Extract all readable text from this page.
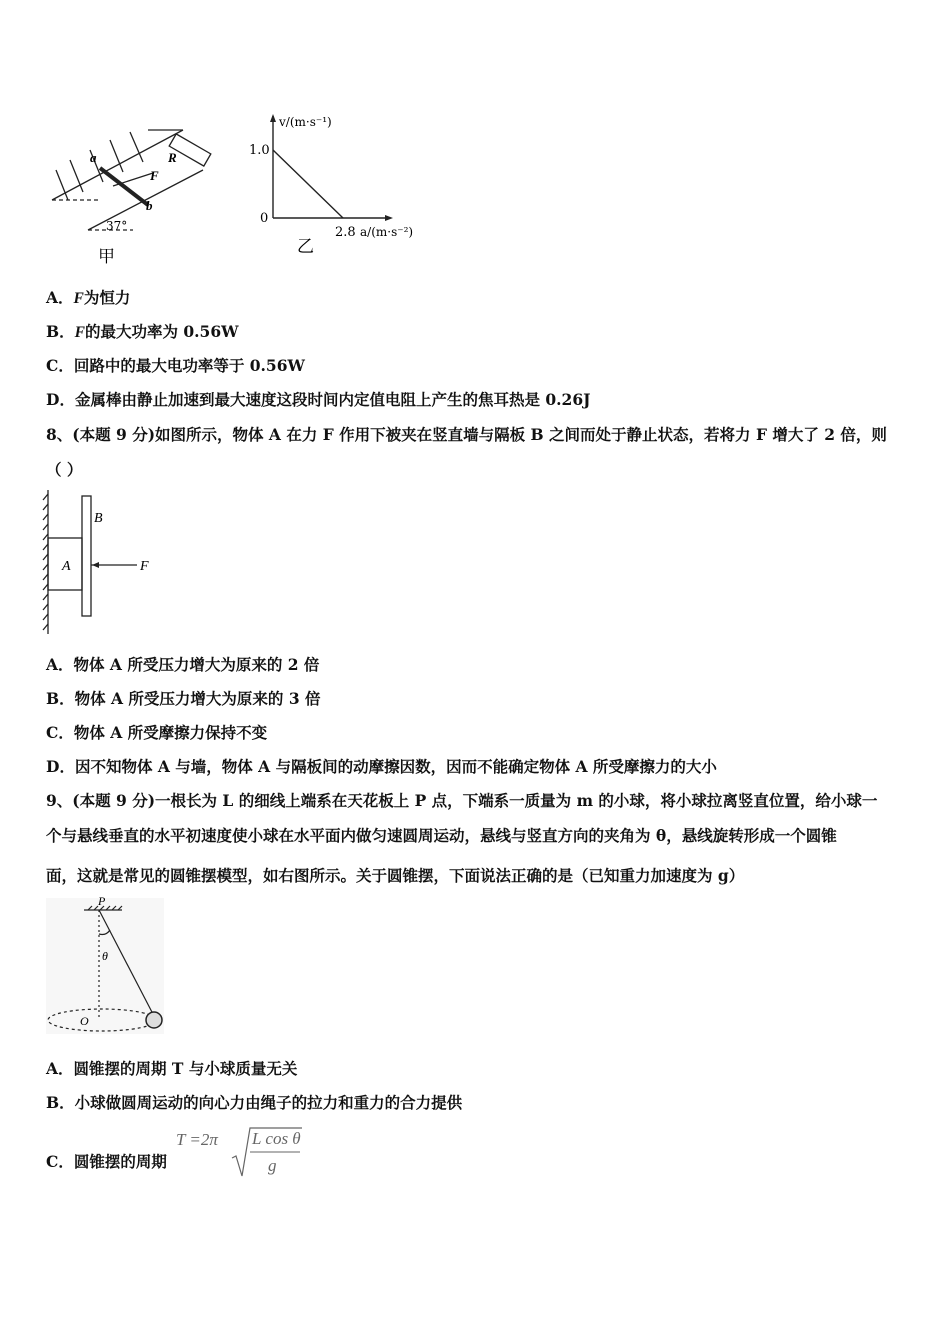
a
b
R
F
37°
甲
v/(m·s⁻¹)
1.0
0
2.8 a/(m·s⁻²)
乙
A．F为恒力
B．F的最大功率为 0.56W
C．回路中的最大电功率等于 0.56W
D．金属棒由静止加速到最大速度这段时间内定值电阻上产生的焦耳热是 0.26J
8、(本题 9 分)如图所示，物体 A 在力 F 作用下被夹在竖直墙与隔板 B 之间而处于静止状态，若将力 F 增大了 2 倍，则
（ ）
B
A	F
A．物体 A 所受压力增大为原来的 2 倍
B．物体 A 所受压力增大为原来的 3 倍
C．物体 A 所受摩擦力保持不变
D．因不知物体 A 与墙，物体 A 与隔板间的动摩擦因数，因而不能确定物体 A 所受摩擦力的大小
9、(本题 9 分)一根长为 L 的细线上端系在天花板上 P 点，下端系一质量为 m 的小球，将小球拉离竖直位置，给小球一
个与悬线垂直的水平初速度使小球在水平面内做匀速圆周运动，悬线与竖直方向的夹角为 θ，悬线旋转形成一个圆锥
面，这就是常见的圆锥摆模型，如右图所示。关于圆锥摆，下面说法正确的是（已知重力加速度为 g）
P
θ
O
A．圆锥摆的周期 T 与小球质量无关
B．小球做圆周运动的向心力由绳子的拉力和重力的合力提供
C．圆锥摆的周期
T =2π L cos θ
g
